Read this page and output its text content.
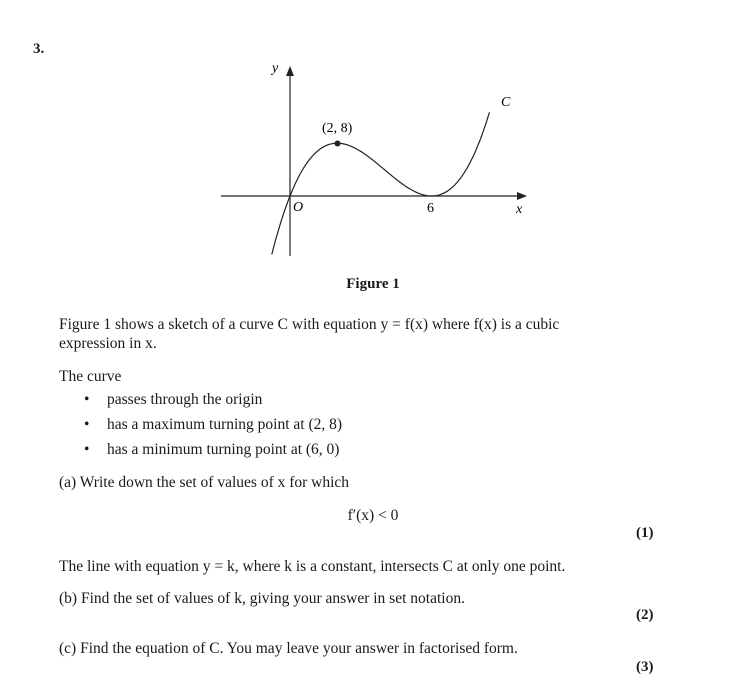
3.
y
x
O
C
(2, 8)
6
Figure 1
Figure 1 shows a sketch of a curve C with equation y = f(x) where f(x) is a cubic
expression in x.
The curve
• passes through the origin
• has a maximum turning point at (2, 8)
• has a minimum turning point at (6, 0)
(a) Write down the set of values of x for which
f′(x) < 0
(1)
The line with equation y = k, where k is a constant, intersects C at only one point.
(b) Find the set of values of k, giving your answer in set notation.
(2)
(c) Find the equation of C. You may leave your answer in factorised form.
(3)
